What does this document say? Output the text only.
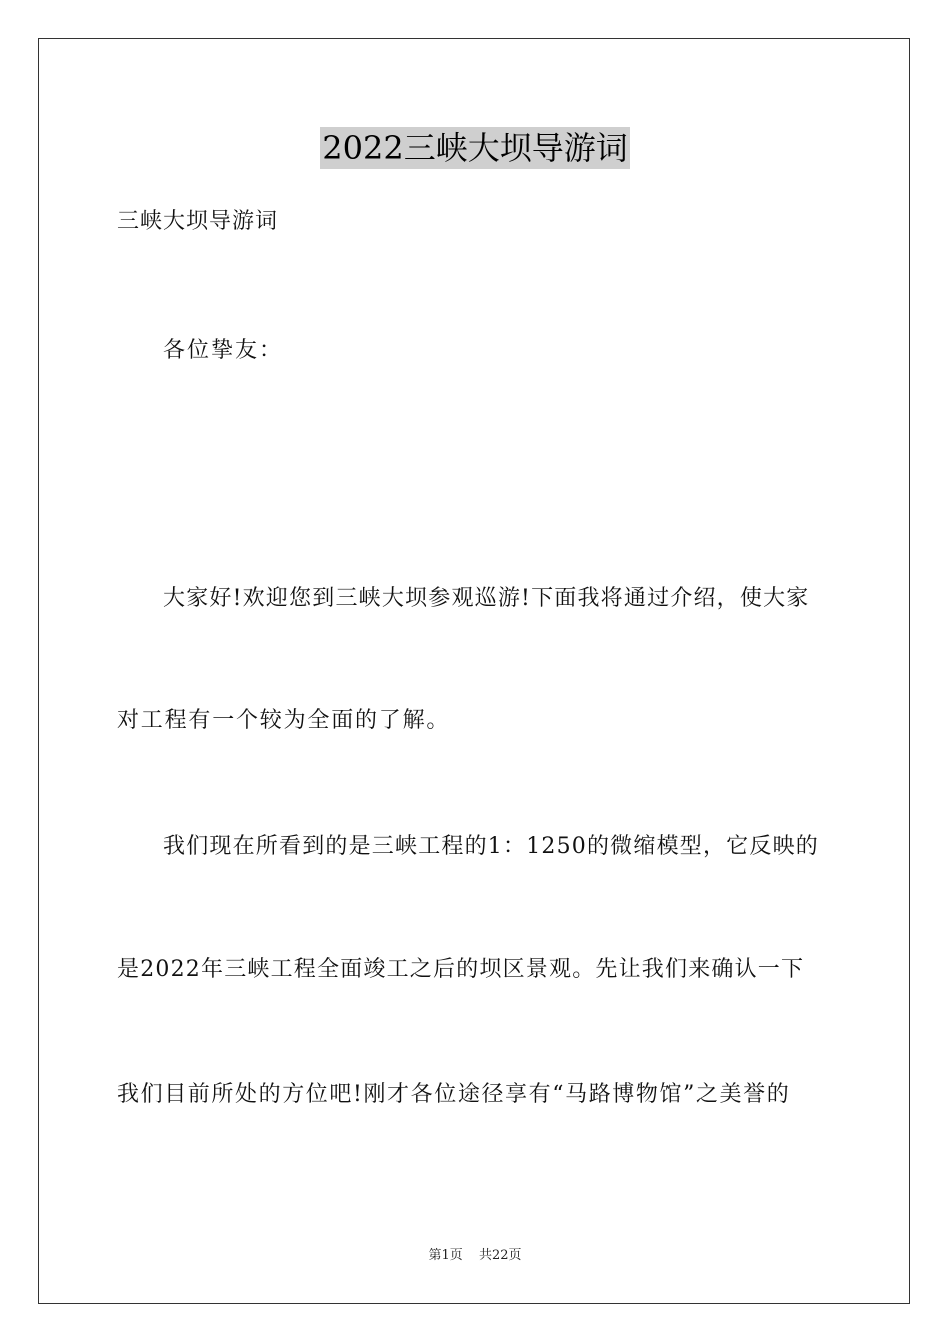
2022三峡大坝导游词
三峡大坝导游词
各位挚友：
大家好!欢迎您到三峡大坝参观巡游!下面我将通过介绍，使大家
对工程有一个较为全面的了解。
我们现在所看到的是三峡工程的1：1250的微缩模型，它反映的
是2022年三峡工程全面竣工之后的坝区景观。先让我们来确认一下
我们目前所处的方位吧!刚才各位途径享有“马路博物馆”之美誉的
第1页 共22页
